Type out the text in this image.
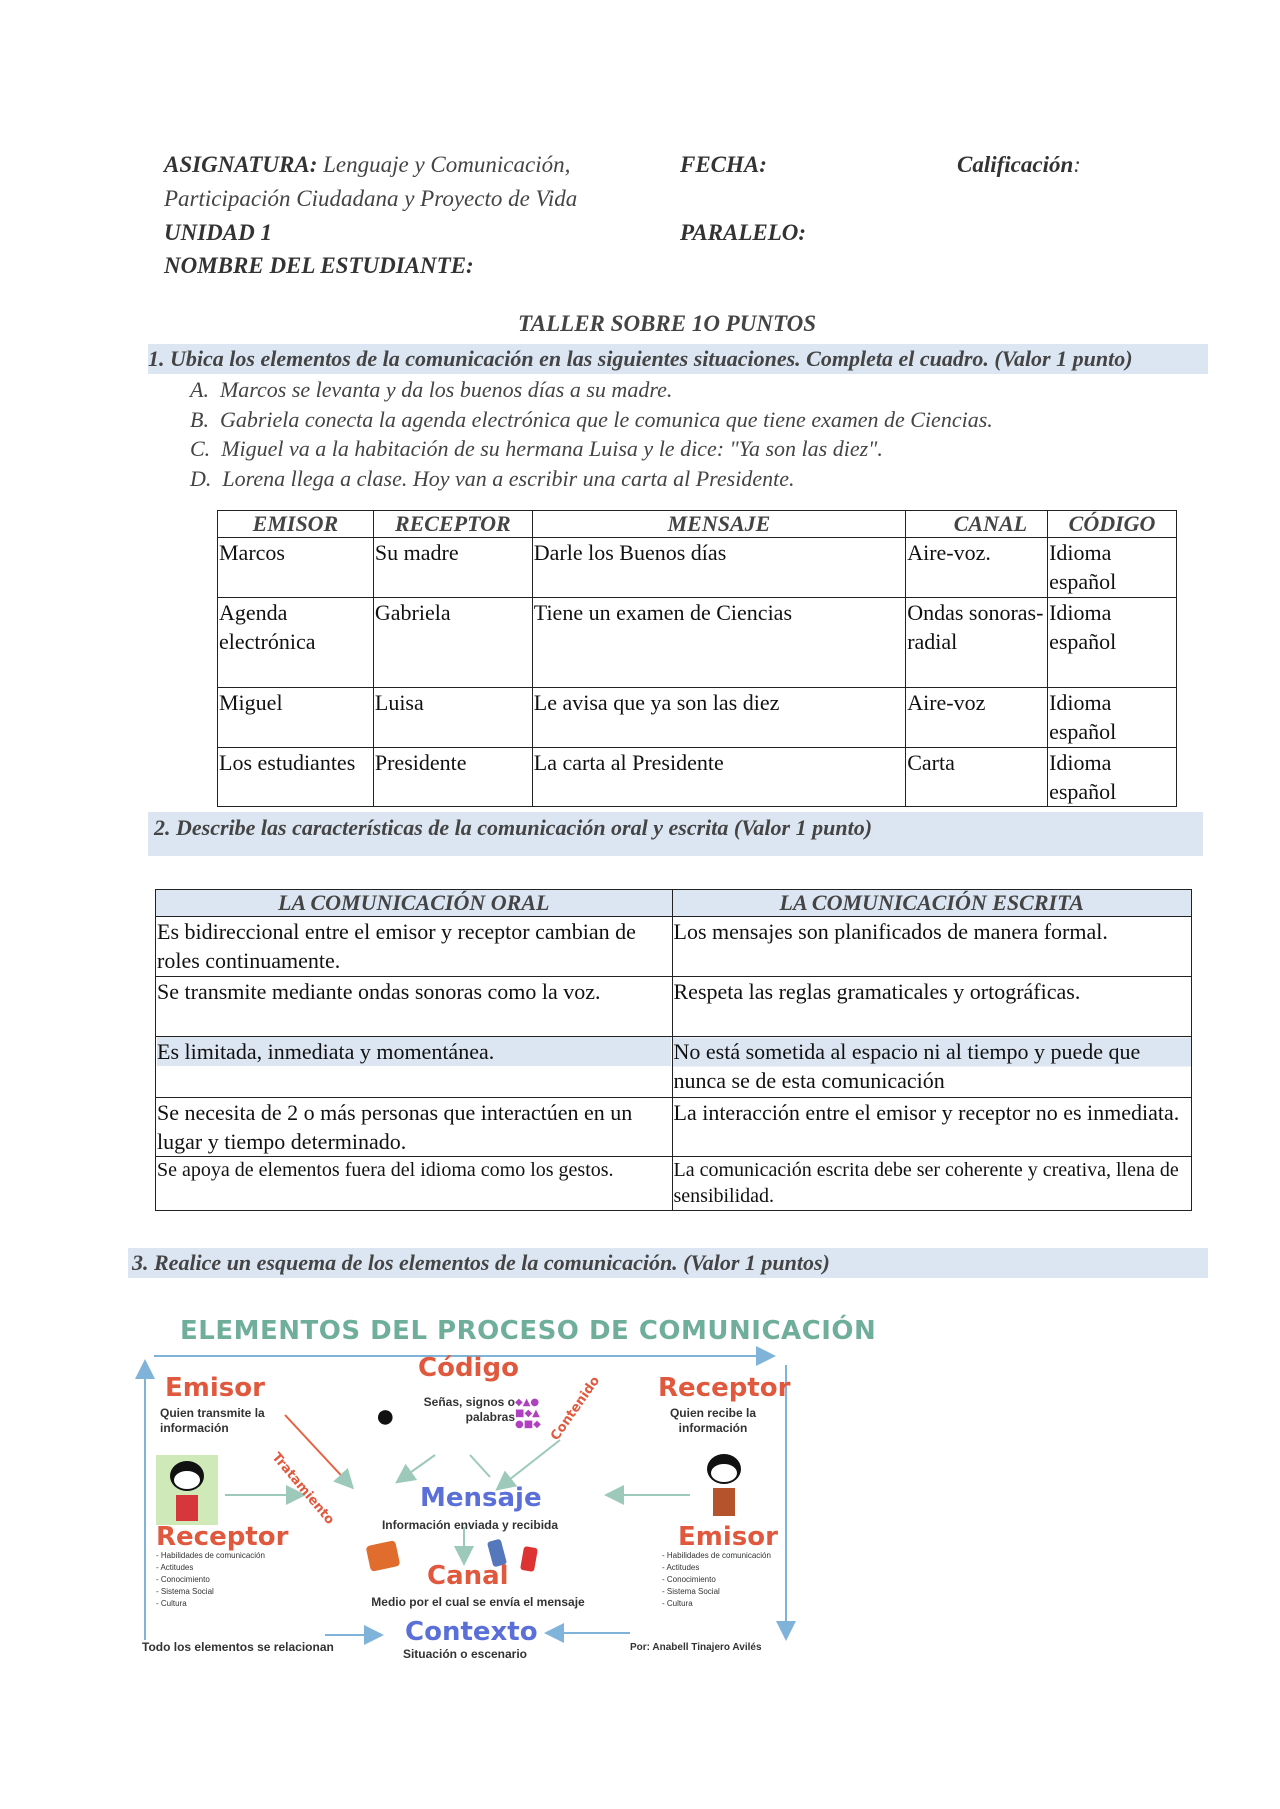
ASIGNATURA: Lenguaje y Comunicación,
Participación Ciudadana y Proyecto de Vida
FECHA:	Calificación:
UNIDAD 1	PARALELO:
NOMBRE DEL ESTUDIANTE:
TALLER SOBRE 1O PUNTOS
1. Ubica los elementos de la comunicación en las siguientes situaciones. Completa el cuadro. (Valor 1 punto)
A. Marcos se levanta y da los buenos días a su madre.
B. Gabriela conecta la agenda electrónica que le comunica que tiene examen de Ciencias.
C. Miguel va a la habitación de su hermana Luisa y le dice: "Ya son las diez".
D. Lorena llega a clase. Hoy van a escribir una carta al Presidente.
EMISOR	RECEPTOR	MENSAJE	CANAL	CÓDIGO
Marcos	Su madre	Darle los Buenos días	Aire-voz.	Idioma español
Agenda electrónica	Gabriela	Tiene un examen de Ciencias	Ondas sonoras-radial	Idioma español
Miguel	Luisa	Le avisa que ya son las diez	Aire-voz	Idioma español
Los estudiantes	Presidente	La carta al Presidente	Carta	Idioma español
2. Describe las características de la comunicación oral y escrita (Valor 1 punto)
LA COMUNICACIÓN ORAL	LA COMUNICACIÓN ESCRITA
Es bidireccional entre el emisor y receptor cambian de roles continuamente.	Los mensajes son planificados de manera formal.
Se transmite mediante ondas sonoras como la voz.	Respeta las reglas gramaticales y ortográficas.

Es limitada, inmediata y momentánea.	No está sometida al espacio ni al tiempo y puede que nunca se de esta comunicación
Se necesita de 2 o más personas que interactúen en un lugar y tiempo determinado.	La interacción entre el emisor y receptor no es inmediata.
Se apoya de elementos fuera del idioma como los gestos.	La comunicación escrita debe ser coherente y creativa, llena de sensibilidad.
3. Realice un esquema de los elementos de la comunicación. (Valor 1 puntos)
ELEMENTOS DEL PROCESO DE COMUNICACIÓN
Emisor
Quien transmite la información
Código
Señas, signos o palabras
●	◆▲●
■◆▲
●■◆
Receptor
Quien recibe la información
Tratamiento
Contenido
Mensaje
Información enviada y recibida
Receptor
- Habilidades de comunicación
- Actitudes
- Conocimiento
- Sistema Social
- Cultura
Emisor
- Habilidades de comunicación
- Actitudes
- Conocimiento
- Sistema Social
- Cultura
Canal
Medio por el cual se envía el mensaje
Contexto
Situación o escenario
Todo los elementos se relacionan	Por: Anabell Tinajero Avilés
